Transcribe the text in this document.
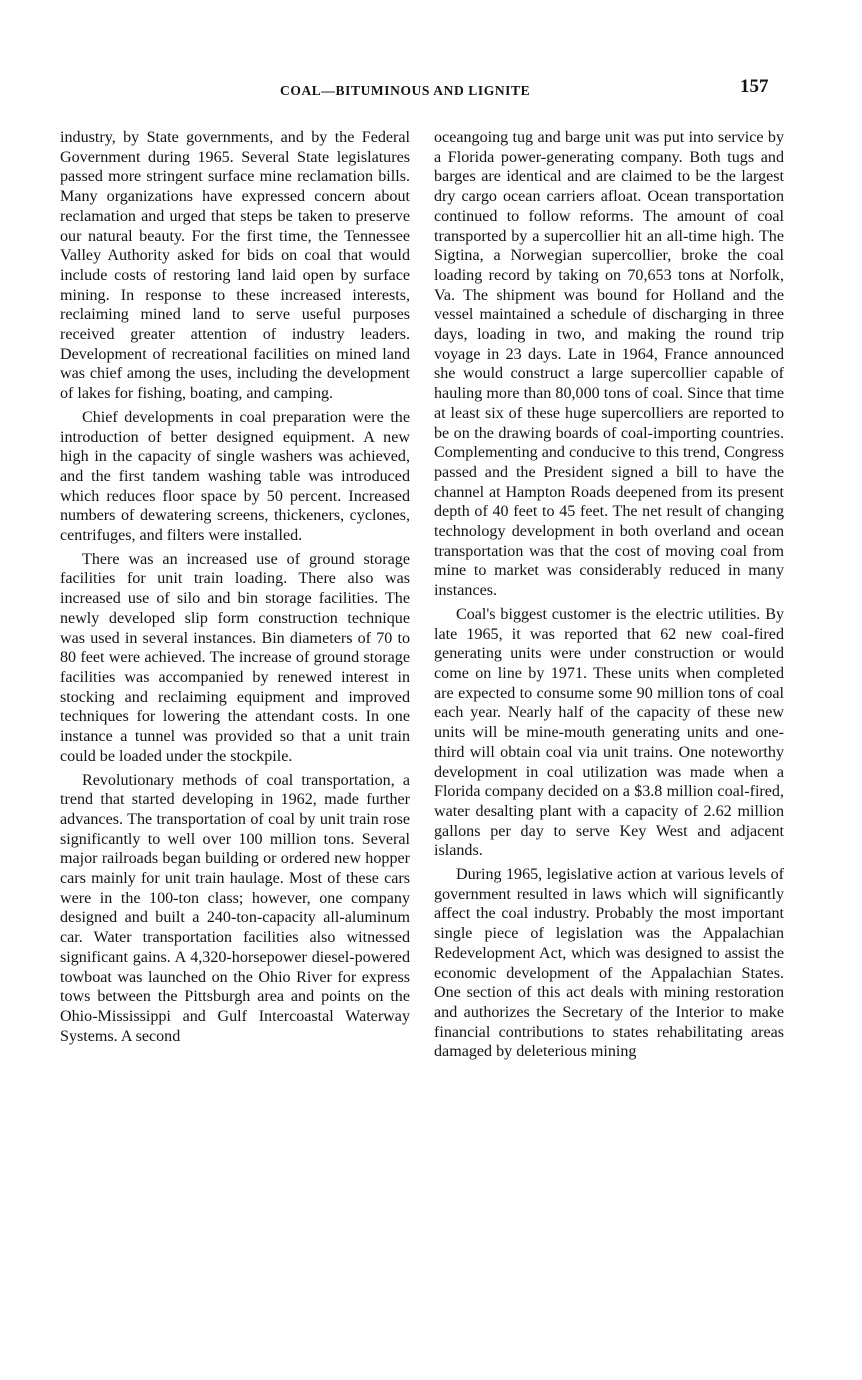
COAL—BITUMINOUS AND LIGNITE	157

industry, by State governments, and by the Federal Government during 1965. Several State legislatures passed more stringent surface mine reclamation bills. Many organizations have expressed concern about reclamation and urged that steps be taken to preserve our natural beauty. For the first time, the Tennessee Valley Authority asked for bids on coal that would include costs of restoring land laid open by surface mining. In response to these increased interests, reclaiming mined land to serve useful purposes received greater attention of industry leaders. Development of recreational facilities on mined land was chief among the uses, including the development of lakes for fishing, boating, and camping.

Chief developments in coal preparation were the introduction of better designed equipment. A new high in the capacity of single washers was achieved, and the first tandem washing table was introduced which reduces floor space by 50 percent. Increased numbers of dewatering screens, thickeners, cyclones, centrifuges, and filters were installed.

There was an increased use of ground storage facilities for unit train loading. There also was increased use of silo and bin storage facilities. The newly developed slip form construction technique was used in several instances. Bin diameters of 70 to 80 feet were achieved. The increase of ground storage facilities was accompanied by renewed interest in stocking and reclaiming equipment and improved techniques for lowering the attendant costs. In one instance a tunnel was provided so that a unit train could be loaded under the stockpile.

Revolutionary methods of coal transportation, a trend that started developing in 1962, made further advances. The transportation of coal by unit train rose significantly to well over 100 million tons. Several major railroads began building or ordered new hopper cars mainly for unit train haulage. Most of these cars were in the 100-ton class; however, one company designed and built a 240-ton-capacity all-aluminum car. Water transportation facilities also witnessed significant gains. A 4,320-horsepower diesel-powered towboat was launched on the Ohio River for express tows between the Pittsburgh area and points on the Ohio-Mississippi and Gulf Intercoastal Waterway Systems. A second

oceangoing tug and barge unit was put into service by a Florida power-generating company. Both tugs and barges are identical and are claimed to be the largest dry cargo ocean carriers afloat. Ocean transportation continued to follow reforms. The amount of coal transported by a supercollier hit an all-time high. The Sigtina, a Norwegian supercollier, broke the coal loading record by taking on 70,653 tons at Norfolk, Va. The shipment was bound for Holland and the vessel maintained a schedule of discharging in three days, loading in two, and making the round trip voyage in 23 days. Late in 1964, France announced she would construct a large supercollier capable of hauling more than 80,000 tons of coal. Since that time at least six of these huge supercolliers are reported to be on the drawing boards of coal-importing countries. Complementing and conducive to this trend, Congress passed and the President signed a bill to have the channel at Hampton Roads deepened from its present depth of 40 feet to 45 feet. The net result of changing technology development in both overland and ocean transportation was that the cost of moving coal from mine to market was considerably reduced in many instances.

Coal's biggest customer is the electric utilities. By late 1965, it was reported that 62 new coal-fired generating units were under construction or would come on line by 1971. These units when completed are expected to consume some 90 million tons of coal each year. Nearly half of the capacity of these new units will be mine-mouth generating units and one-third will obtain coal via unit trains. One noteworthy development in coal utilization was made when a Florida company decided on a $3.8 million coal-fired, water desalting plant with a capacity of 2.62 million gallons per day to serve Key West and adjacent islands.

During 1965, legislative action at various levels of government resulted in laws which will significantly affect the coal industry. Probably the most important single piece of legislation was the Appalachian Redevelopment Act, which was designed to assist the economic development of the Appalachian States. One section of this act deals with mining restoration and authorizes the Secretary of the Interior to make financial contributions to states rehabilitating areas damaged by deleterious mining
